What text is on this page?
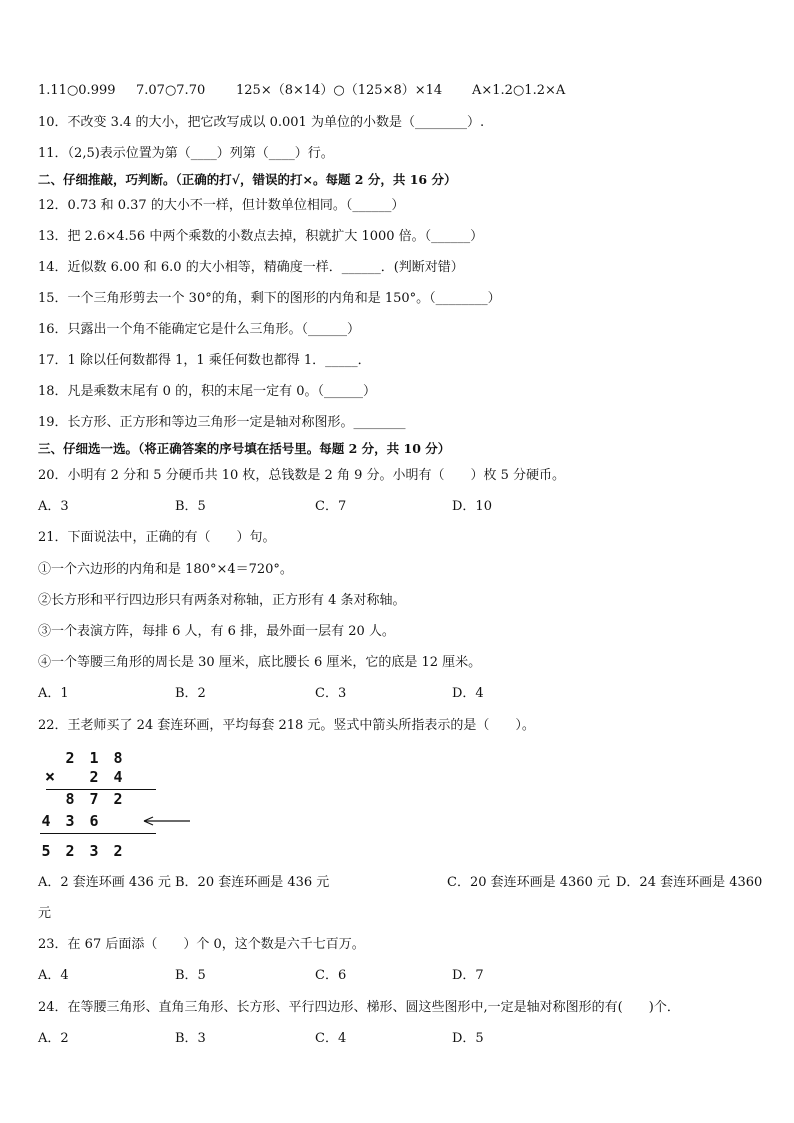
1.11○0.999 7.07○7.70 125×（8×14）○（125×8）×14 A×1.2○1.2×A
10．不改变 3.4 的大小，把它改写成以 0.001 为单位的小数是（________）.
11．（2,5)表示位置为第（____）列第（____）行。
二、仔细推敲，巧判断。（正确的打√，错误的打×。每题 2 分，共 16 分）
12．0.73 和 0.37 的大小不一样，但计数单位相同。（______）
13．把 2.6×4.56 中两个乘数的小数点去掉，积就扩大 1000 倍。（______）
14．近似数 6.00 和 6.0 的大小相等，精确度一样．______．(判断对错）
15．一个三角形剪去一个 30°的角，剩下的图形的内角和是 150°。（________）
16．只露出一个角不能确定它是什么三角形。（______）
17．1 除以任何数都得 1，1 乘任何数也都得 1．_____．
18．凡是乘数末尾有 0 的，积的末尾一定有 0。（______）
19．长方形、正方形和等边三角形一定是轴对称图形。________
三、仔细选一选。（将正确答案的序号填在括号里。每题 2 分，共 10 分）
20．小明有 2 分和 5 分硬币共 10 枚，总钱数是 2 角 9 分。小明有（　　）枚 5 分硬币。
A．3	B．5	C．7	D．10
21．下面说法中，正确的有（　　）句。
①一个六边形的内角和是 180°×4＝720°。
②长方形和平行四边形只有两条对称轴，正方形有 4 条对称轴。
③一个表演方阵，每排 6 人，有 6 排，最外面一层有 20 人。
④一个等腰三角形的周长是 30 厘米，底比腰长 6 厘米，它的底是 12 厘米。
A．1	B．2	C．3	D．4
22．王老师买了 24 套连环画，平均每套 218 元。竖式中箭头所指表示的是（　　）。
2 1 8
×	2 4
8 7 2
4 3 6
5 2 3 2
A．2 套连环画 436 元 B．20 套连环画是 436 元	C．20 套连环画是 4360 元 D．24 套连环画是 4360
元
23．在 67 后面添（　　）个 0，这个数是六千七百万。
A．4	B．5	C．6	D．7
24．在等腰三角形、直角三角形、长方形、平行四边形、梯形、圆这些图形中,一定是轴对称图形的有(　　)个．
A．2	B．3	C．4	D．5
